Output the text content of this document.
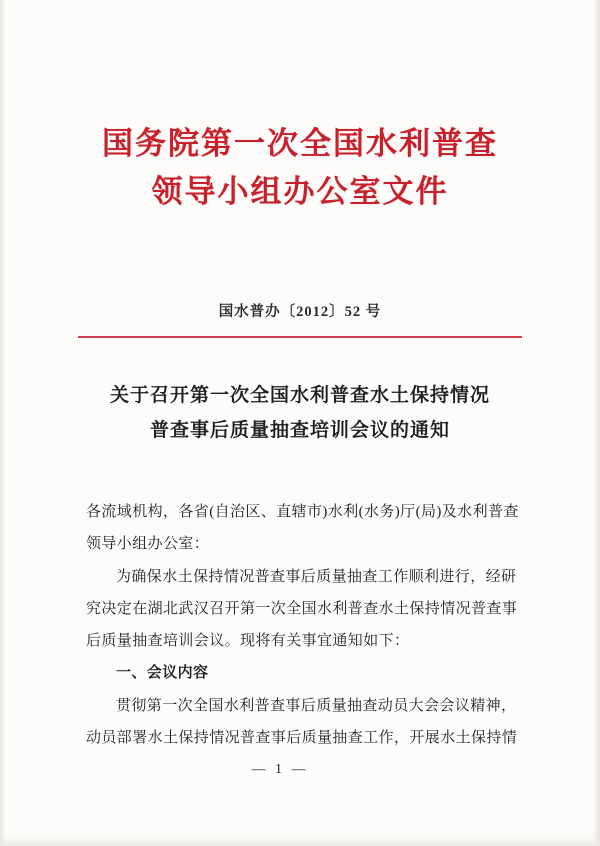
国务院第一次全国水利普查
领导小组办公室文件
国水普办〔2012〕52 号
关于召开第一次全国水利普查水土保持情况
普查事后质量抽查培训会议的通知

各流域机构，各省(自治区、直辖市)水利(水务)厅(局)及水利普查

领导小组办公室：

为确保水土保持情况普查事后质量抽查工作顺利进行，经研

究决定在湖北武汉召开第一次全国水利普查水土保持情况普查事

后质量抽查培训会议。现将有关事宜通知如下：

一、会议内容

贯彻第一次全国水利普查事后质量抽查动员大会会议精神，

动员部署水土保持情况普查事后质量抽查工作，开展水土保持情

— 1 —
